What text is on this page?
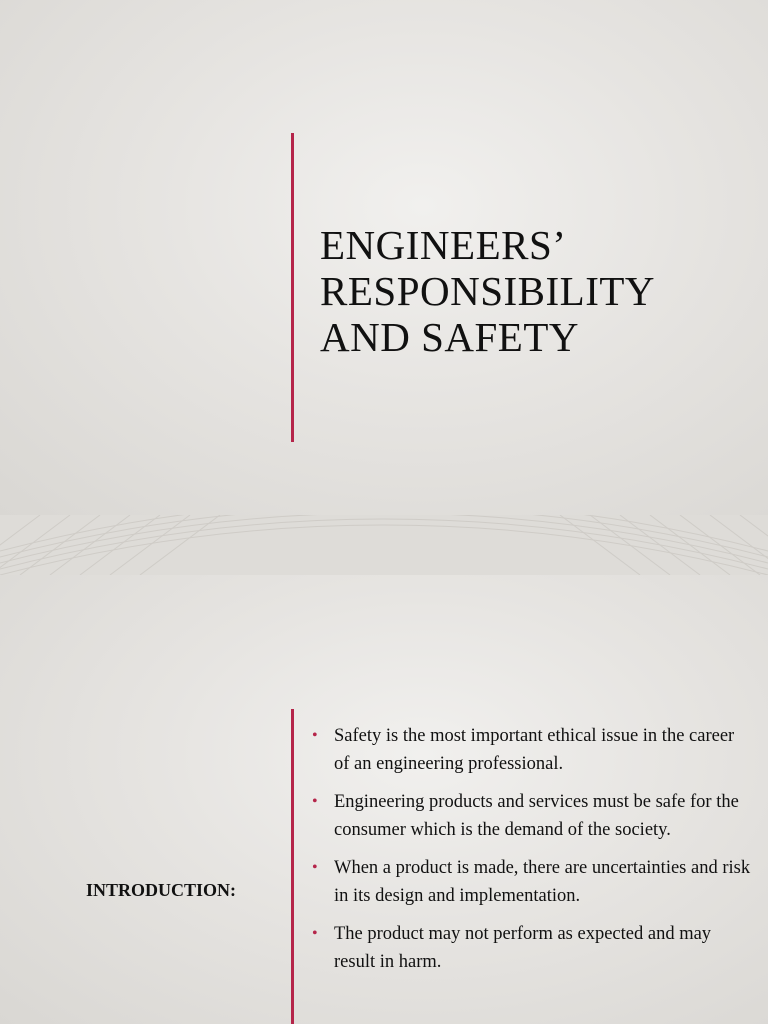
ENGINEERS’
RESPONSIBILITY
AND SAFETY

INTRODUCTION:

• Safety is the most important ethical issue in the career of an engineering professional.
• Engineering products and services must be safe for the consumer which is the demand of the society.
• When a product is made, there are uncertainties and risk in its design and implementation.
• The product may not perform as expected and may result in harm.
